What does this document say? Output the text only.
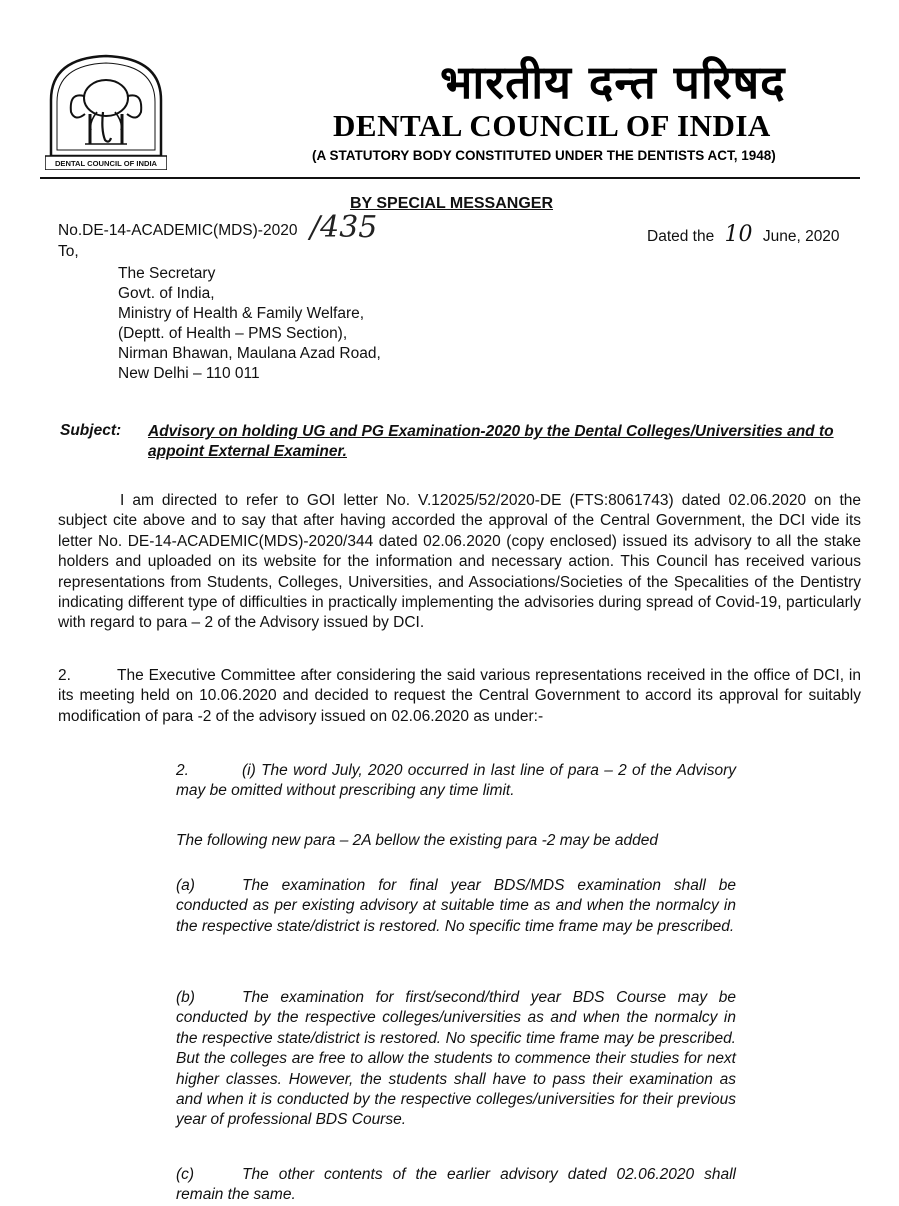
DENTAL COUNCIL OF INDIA
भारतीय दन्त परिषद
DENTAL COUNCIL OF INDIA
(A STATUTORY BODY CONSTITUTED UNDER THE DENTISTS ACT, 1948)
BY SPECIAL MESSANGER
No.DE-14-ACADEMIC(MDS)-2020 /435	Dated the 10 June, 2020
To,
The Secretary
Govt. of India,
Ministry of Health & Family Welfare,
(Deptt. of Health – PMS Section),
Nirman Bhawan, Maulana Azad Road,
New Delhi – 110 011
Subject: Advisory on holding UG and PG Examination-2020 by the Dental Colleges/Universities and to appoint External Examiner.
I am directed to refer to GOI letter No. V.12025/52/2020-DE (FTS:8061743) dated 02.06.2020 on the subject cite above and to say that after having accorded the approval of the Central Government, the DCI vide its letter No. DE-14-ACADEMIC(MDS)-2020/344 dated 02.06.2020 (copy enclosed) issued its advisory to all the stake holders and uploaded on its website for the information and necessary action. This Council has received various representations from Students, Colleges, Universities, and Associations/Societies of the Specalities of the Dentistry indicating different type of difficulties in practically implementing the advisories during spread of Covid-19, particularly with regard to para – 2 of the Advisory issued by DCI.
2.	The Executive Committee after considering the said various representations received in the office of DCI, in its meeting held on 10.06.2020 and decided to request the Central Government to accord its approval for suitably modification of para -2 of the advisory issued on 02.06.2020 as under:-
2.	(i) The word July, 2020 occurred in last line of para – 2 of the Advisory may be omitted without prescribing any time limit.
The following new para – 2A bellow the existing para -2 may be added
(a)	The examination for final year BDS/MDS examination shall be conducted as per existing advisory at suitable time as and when the normalcy in the respective state/district is restored. No specific time frame may be prescribed.
(b)	The examination for first/second/third year BDS Course may be conducted by the respective colleges/universities as and when the normalcy in the respective state/district is restored. No specific time frame may be prescribed. But the colleges are free to allow the students to commence their studies for next higher classes. However, the students shall have to pass their examination as and when it is conducted by the respective colleges/universities for their previous year of professional BDS Course.
(c)	The other contents of the earlier advisory dated 02.06.2020 shall remain the same.
